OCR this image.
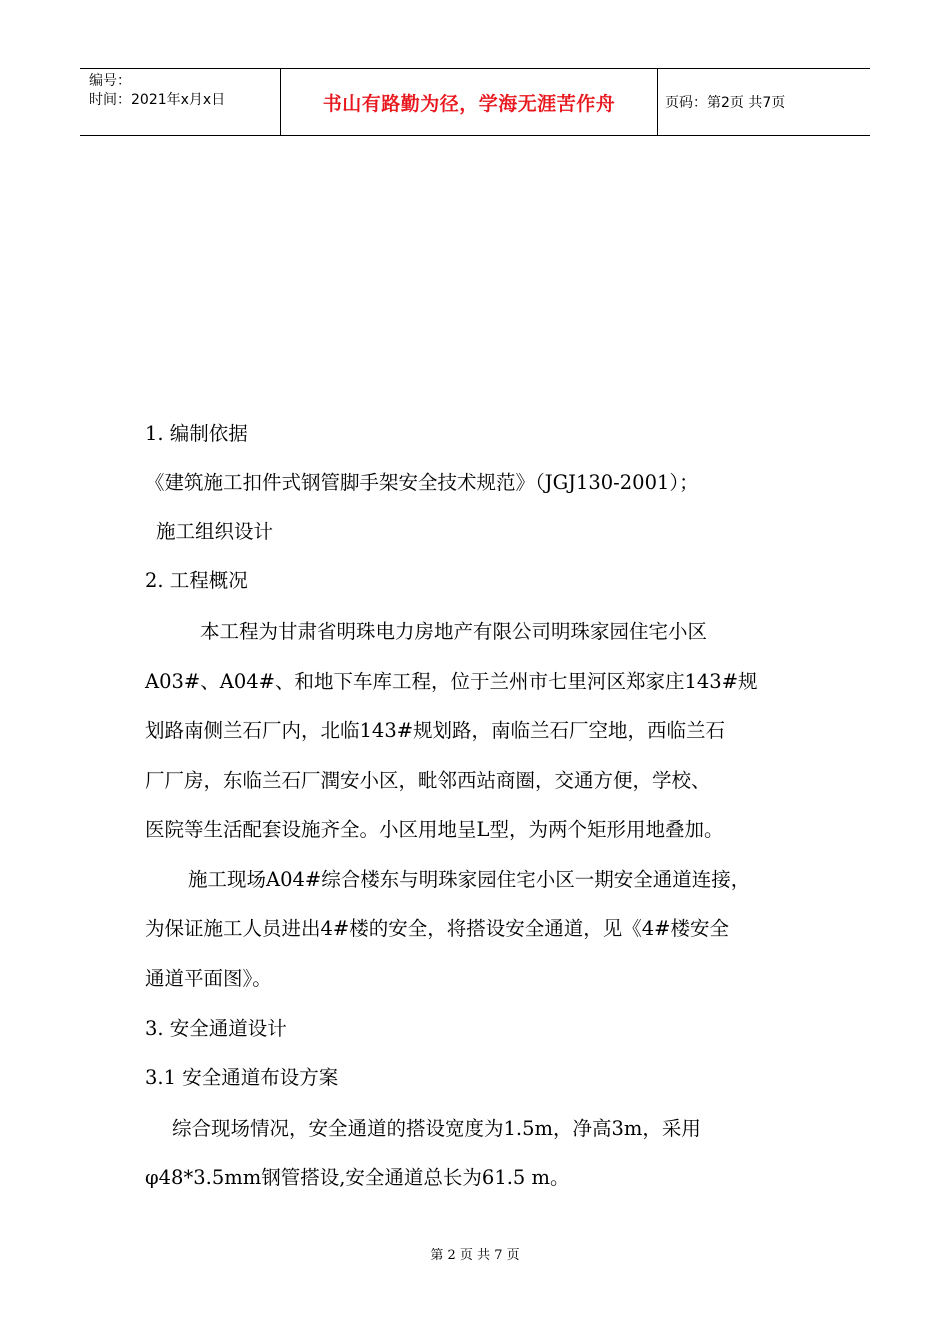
编号：
时间：2021年x月x日	书山有路勤为径，学海无涯苦作舟	页码：第2页 共7页
1. 编制依据
《建筑施工扣件式钢管脚手架安全技术规范》（JGJ130-2001）；
施工组织设计
2. 工程概况
本工程为甘肃省明珠电力房地产有限公司明珠家园住宅小区
A03#、A04#、和地下车库工程，位于兰州市七里河区郑家庄143#规
划路南侧兰石厂内，北临143#规划路，南临兰石厂空地，西临兰石
厂厂房，东临兰石厂潤安小区，毗邻西站商圈，交通方便，学校、
医院等生活配套设施齐全。小区用地呈L型，为两个矩形用地叠加。
施工现场A04#综合楼东与明珠家园住宅小区一期安全通道连接，
为保证施工人员进出4#楼的安全，将搭设安全通道，见《4#楼安全
通道平面图》。
3. 安全通道设计
3.1 安全通道布设方案
综合现场情况，安全通道的搭设宽度为1.5m，净高3m，采用
φ48*3.5mm钢管搭设,安全通道总长为61.5 m。
第 2 页 共 7 页
